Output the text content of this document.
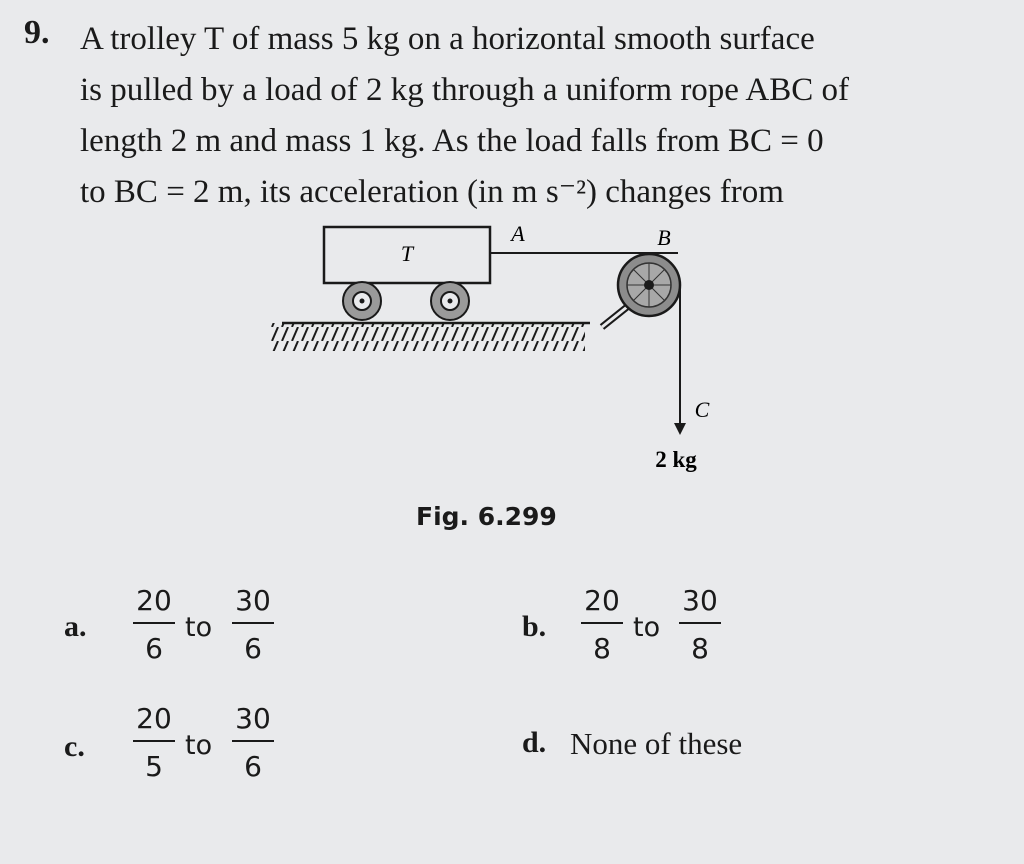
9. A trolley T of mass 5 kg on a horizontal smooth surface
is pulled by a load of 2 kg through a uniform rope ABC of
length 2 m and mass 1 kg. As the load falls from BC = 0
to BC = 2 m, its acceleration (in m s⁻²) changes from
T
A	B
C
2 kg
Fig. 6.299
a. $\frac{20}{6}$ to $\frac{30}{6}$	b. $\frac{20}{8}$ to $\frac{30}{8}$
c. $\frac{20}{5}$ to $\frac{30}{6}$	d. None of these
